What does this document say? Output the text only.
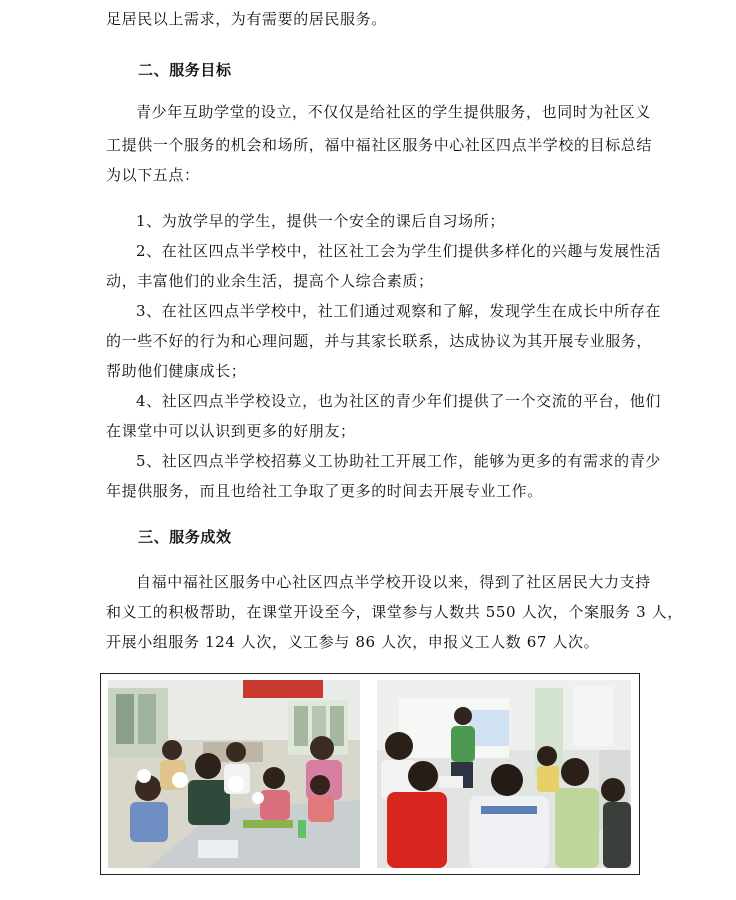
足居民以上需求，为有需要的居民服务。
二、服务目标
青少年互助学堂的设立，不仅仅是给社区的学生提供服务，也同时为社区义
工提供一个服务的机会和场所，福中福社区服务中心社区四点半学校的目标总结
为以下五点：
1、为放学早的学生，提供一个安全的课后自习场所；
2、在社区四点半学校中，社区社工会为学生们提供多样化的兴趣与发展性活
动，丰富他们的业余生活，提高个人综合素质；
3、在社区四点半学校中，社工们通过观察和了解，发现学生在成长中所存在
的一些不好的行为和心理问题，并与其家长联系，达成协议为其开展专业服务，
帮助他们健康成长；
4、社区四点半学校设立，也为社区的青少年们提供了一个交流的平台，他们
在课堂中可以认识到更多的好朋友；
5、社区四点半学校招募义工协助社工开展工作，能够为更多的有需求的青少
年提供服务，而且也给社工争取了更多的时间去开展专业工作。
三、服务成效
自福中福社区服务中心社区四点半学校开设以来，得到了社区居民大力支持
和义工的积极帮助，在课堂开设至今，课堂参与人数共 550 人次，个案服务 3 人，
开展小组服务 124 人次，义工参与 86 人次，申报义工人数 67 人次。
